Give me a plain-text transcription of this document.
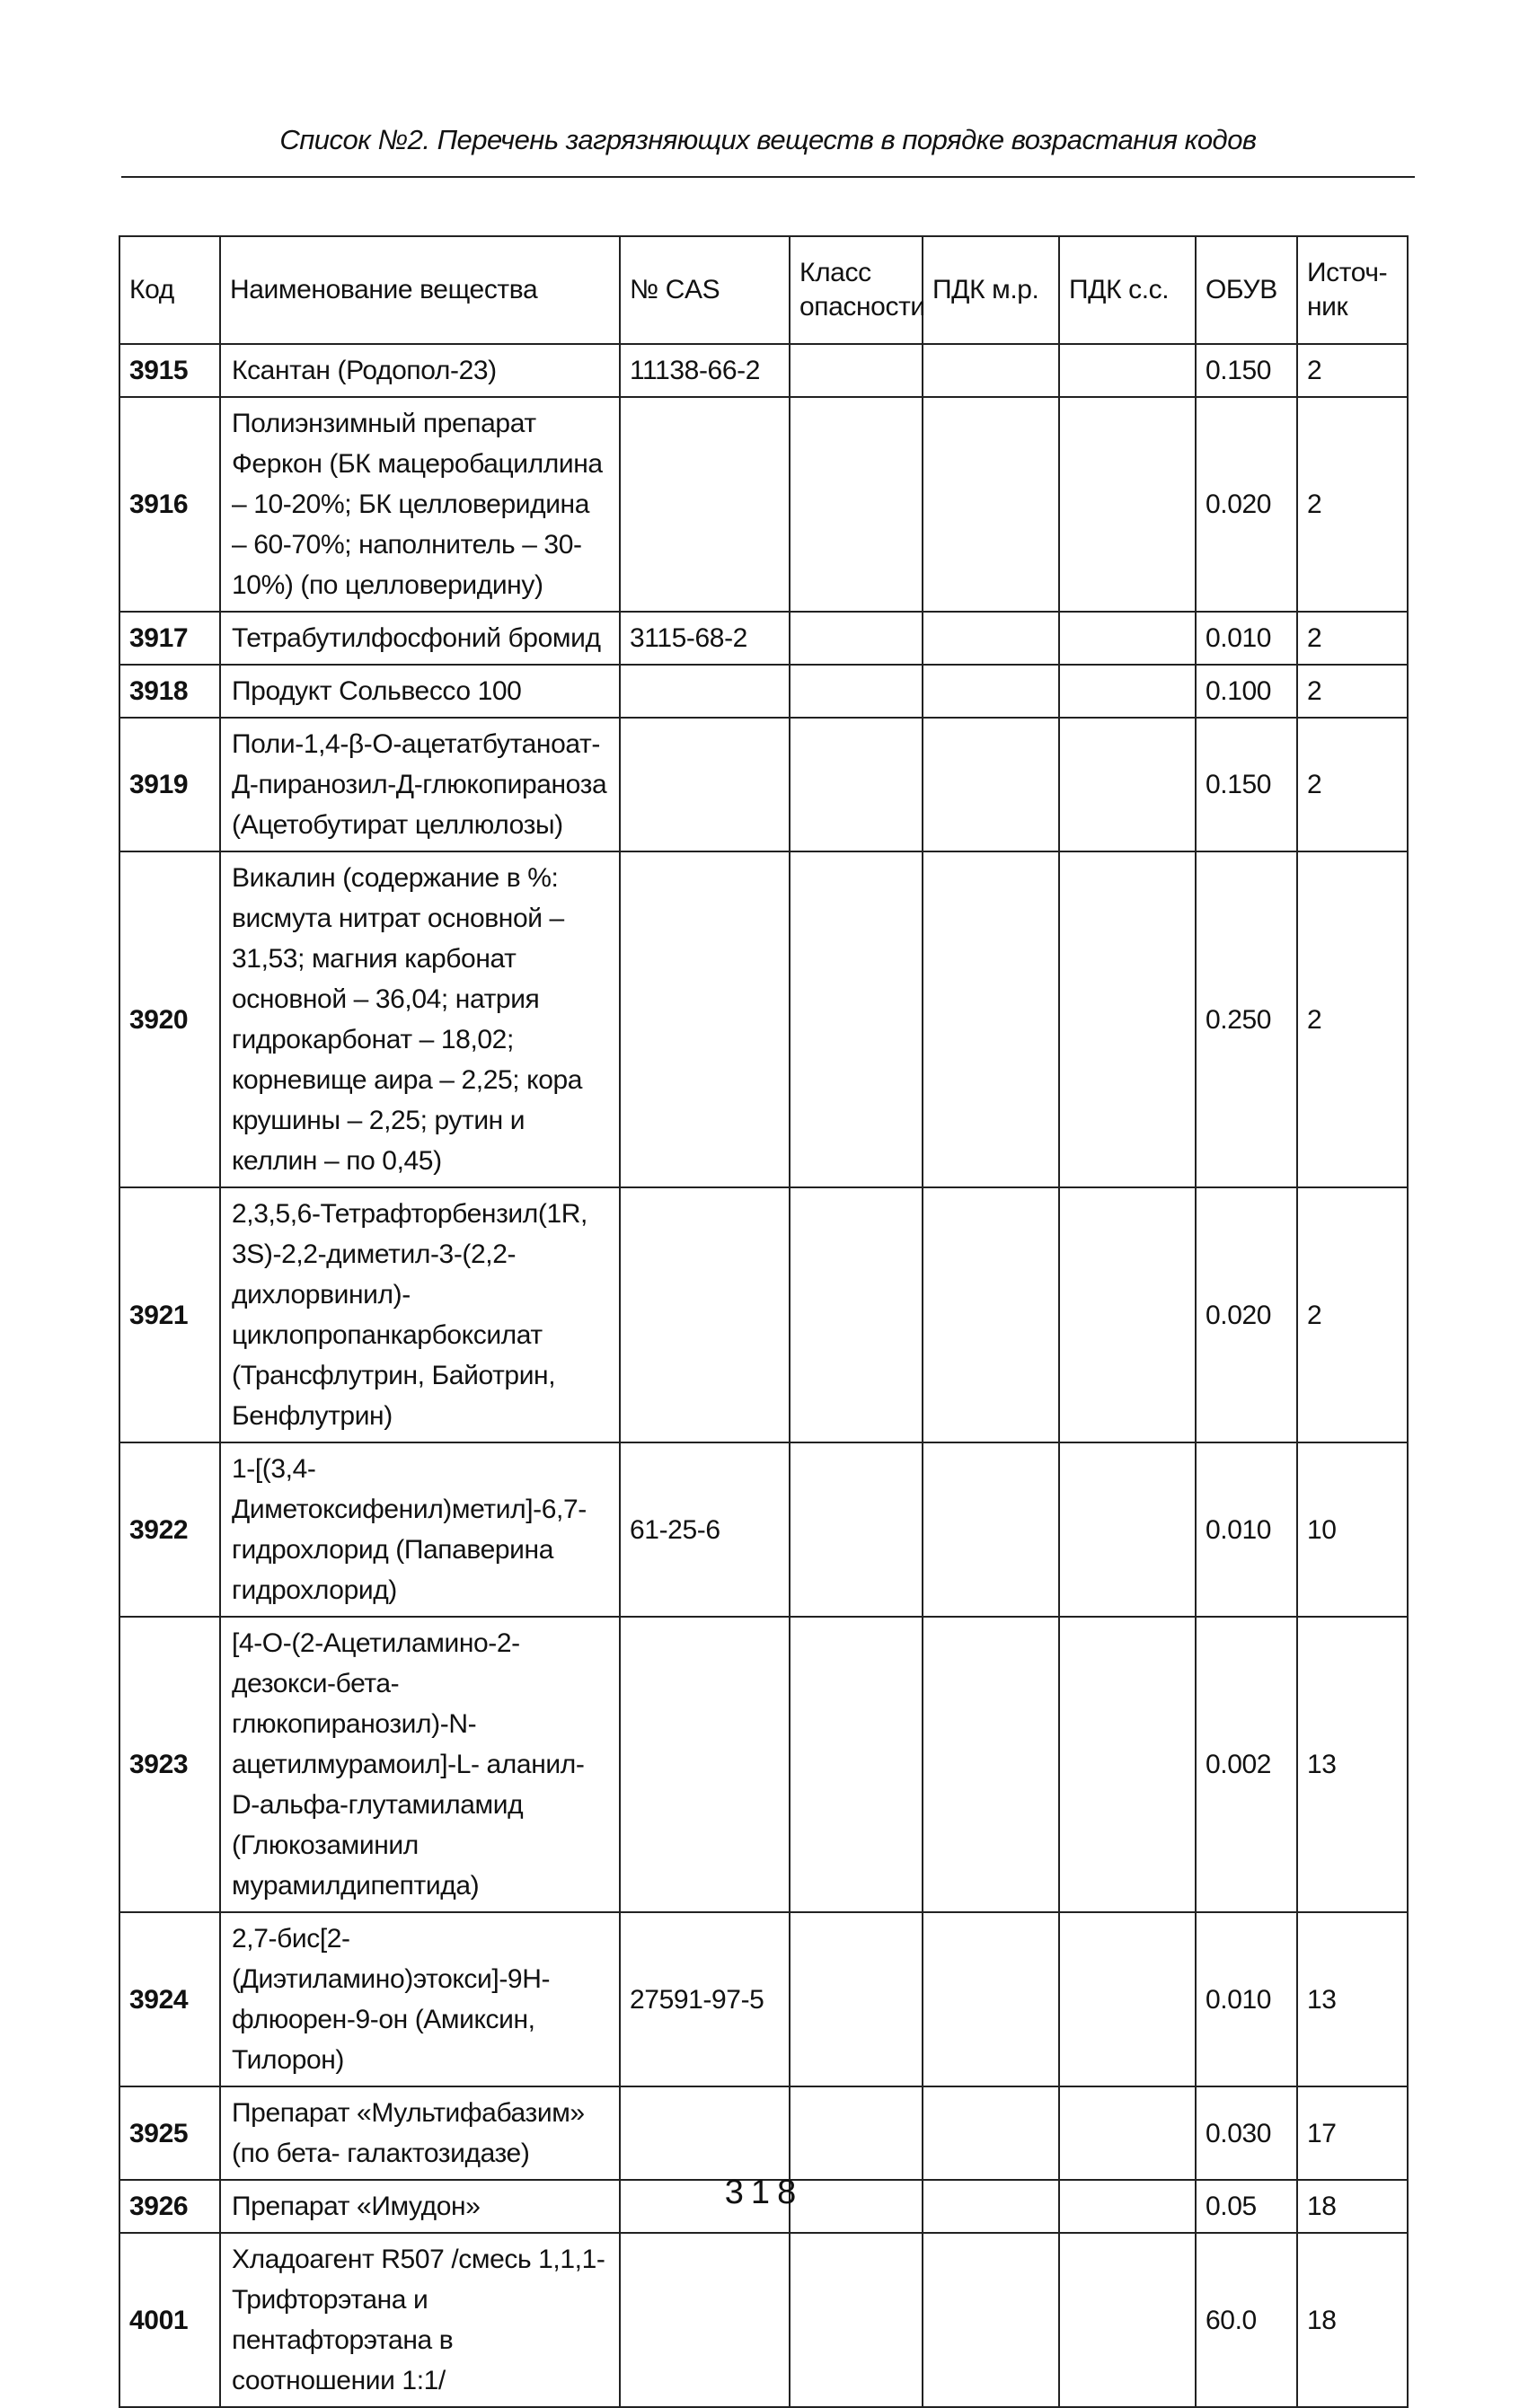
Список №2. Перечень загрязняющих веществ в порядке возрастания кодов
Код	Наименование вещества	№ CAS	Класс опасности	ПДК м.р.	ПДК с.с.	ОБУВ	Источ- ник
3915	Ксантан (Родопол-23)	11138-66-2				0.150	2
3916	Полиэнзимный препарат Феркон (БК мацеробациллина – 10-20%; БК целловеридина – 60-70%; наполнитель – 30-10%) (по целловеридину)					0.020	2
3917	Тетрабутилфосфоний бромид	3115-68-2				0.010	2
3918	Продукт Сольвессо 100					0.100	2
3919	Поли-1,4-β-О-ацетатбутаноат-Д-пиранозил-Д-глюкопираноза (Ацетобутират целлюлозы)					0.150	2
3920	Викалин (содержание в %: висмута нитрат основной – 31,53; магния карбонат основной – 36,04; натрия гидрокарбонат – 18,02; корневище аира – 2,25; кора крушины – 2,25; рутин и келлин – по 0,45)					0.250	2
3921	2,3,5,6-Тетрафторбензил(1R, 3S)-2,2-диметил-3-(2,2-дихлорвинил)-циклопропанкарбоксилат (Трансфлутрин, Байотрин, Бенфлутрин)					0.020	2
3922	1-[(3,4-Диметоксифенил)метил]-6,7- гидрохлорид (Папаверина гидрохлорид)	61-25-6				0.010	10
3923	[4-О-(2-Ацетиламино-2-дезокси-бета-глюкопиранозил)-N-ацетилмурамоил]-L- аланил-D-альфа-глутамиламид (Глюкозаминил мурамилдипептида)					0.002	13
3924	2,7-бис[2-(Диэтиламино)этокси]-9Н- флюорен-9-он (Амиксин, Тилорон)	27591-97-5				0.010	13
3925	Препарат «Мультифабазим» (по бета- галактозидазе)					0.030	17
3926	Препарат «Имудон»					0.05	18
4001	Хладоагент R507 /смесь 1,1,1-Трифторэтана и пентафторэтана в соотношении 1:1/					60.0	18
318
